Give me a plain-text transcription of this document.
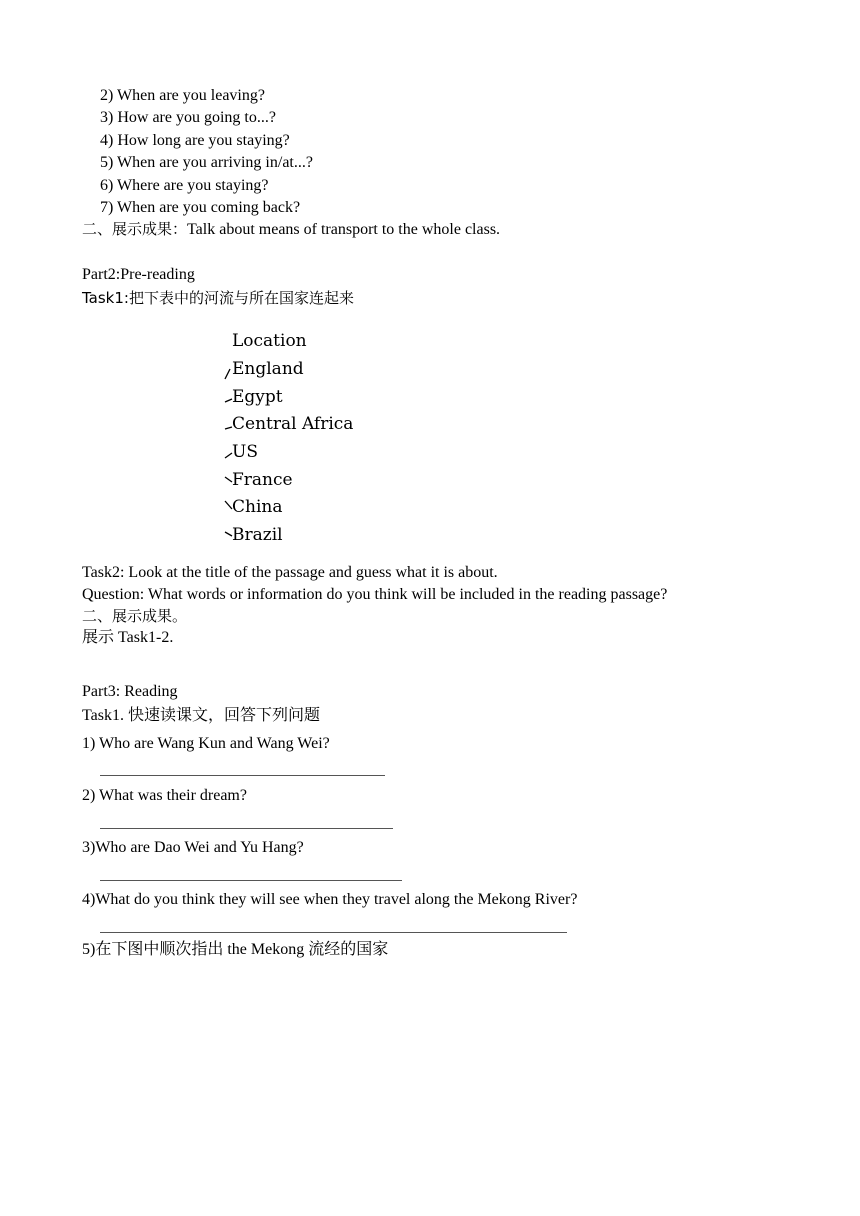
2) When are you leaving?
3) How are you going to...?
4) How long are you staying?
5) When are you arriving in/at...?
6) Where are you staying?
7) When are you coming back?
二、展示成果：Talk about means of transport to the whole class.
Part2:Pre-reading
Task1:把下表中的河流与所在国家连起来
Location
England
Egypt
Central Africa
US
France
China
Brazil
Task2: Look at the title of the passage and guess what it is about.
Question: What words or information do you think will be included in the reading passage?
二、展示成果。
展示 Task1-2.
Part3: Reading
Task1. 快速读课文，回答下列问题
1) Who are Wang Kun and Wang Wei?
2) What was their dream?
3)Who are Dao Wei and Yu Hang?
4)What do you think they will see when they travel along the Mekong River?
5)在下图中顺次指出 the Mekong 流经的国家
